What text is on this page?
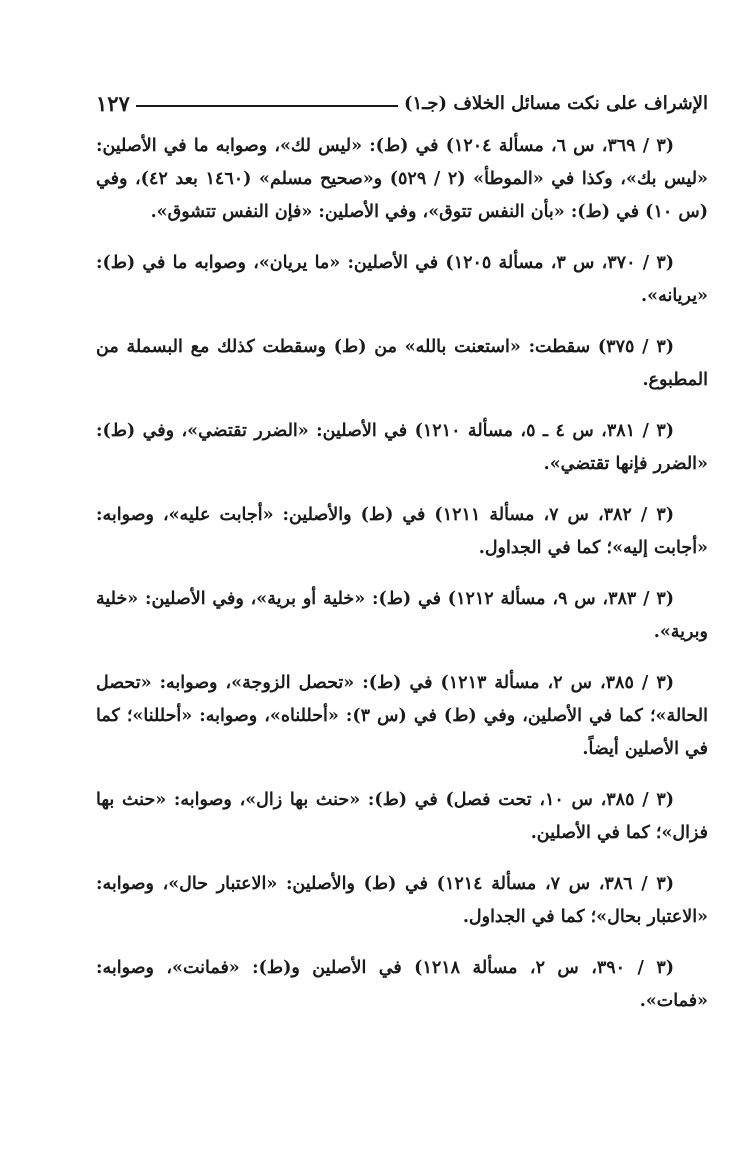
الإشراف على نكت مسائل الخلاف (جـ١)
١٢٧

(٣ / ٣٦٩، س ٦، مسألة ١٢٠٤) في (ط): «ليس لك»، وصوابه ما في الأصلين: «ليس بك»، وكذا في «الموطأ» (٢ / ٥٢٩) و«صحيح مسلم» (١٤٦٠ بعد ٤٢)، وفي (س ١٠) في (ط): «بأن النفس تتوق»، وفي الأصلين: «فإن النفس تتشوق».

(٣ / ٣٧٠، س ٣، مسألة ١٢٠٥) في الأصلين: «ما يريان»، وصوابه ما في (ط): «يريانه».

(٣ / ٣٧٥) سقطت: «استعنت بالله» من (ط) وسقطت كذلك مع البسملة من المطبوع.

(٣ / ٣٨١، س ٤ ـ ٥، مسألة ١٢١٠) في الأصلين: «الضرر تقتضي»، وفي (ط): «الضرر فإنها تقتضي».

(٣ / ٣٨٢، س ٧، مسألة ١٢١١) في (ط) والأصلين: «أجابت عليه»، وصوابه: «أجابت إليه»؛ كما في الجداول.

(٣ / ٣٨٣، س ٩، مسألة ١٢١٢) في (ط): «خلية أو برية»، وفي الأصلين: «خلية وبرية».

(٣ / ٣٨٥، س ٢، مسألة ١٢١٣) في (ط): «تحصل الزوجة»، وصوابه: «تحصل الحالة»؛ كما في الأصلين، وفي (ط) في (س ٣): «أحللناه»، وصوابه: «أحللنا»؛ كما في الأصلين أيضاً.

(٣ / ٣٨٥، س ١٠، تحت فصل) في (ط): «حنث بها زال»، وصوابه: «حنث بها فزال»؛ كما في الأصلين.

(٣ / ٣٨٦، س ٧، مسألة ١٢١٤) في (ط) والأصلين: «الاعتبار حال»، وصوابه: «الاعتبار بحال»؛ كما في الجداول.

(٣ / ٣٩٠، س ٢، مسألة ١٢١٨) في الأصلين و(ط): «فمانت»، وصوابه: «فمات».
